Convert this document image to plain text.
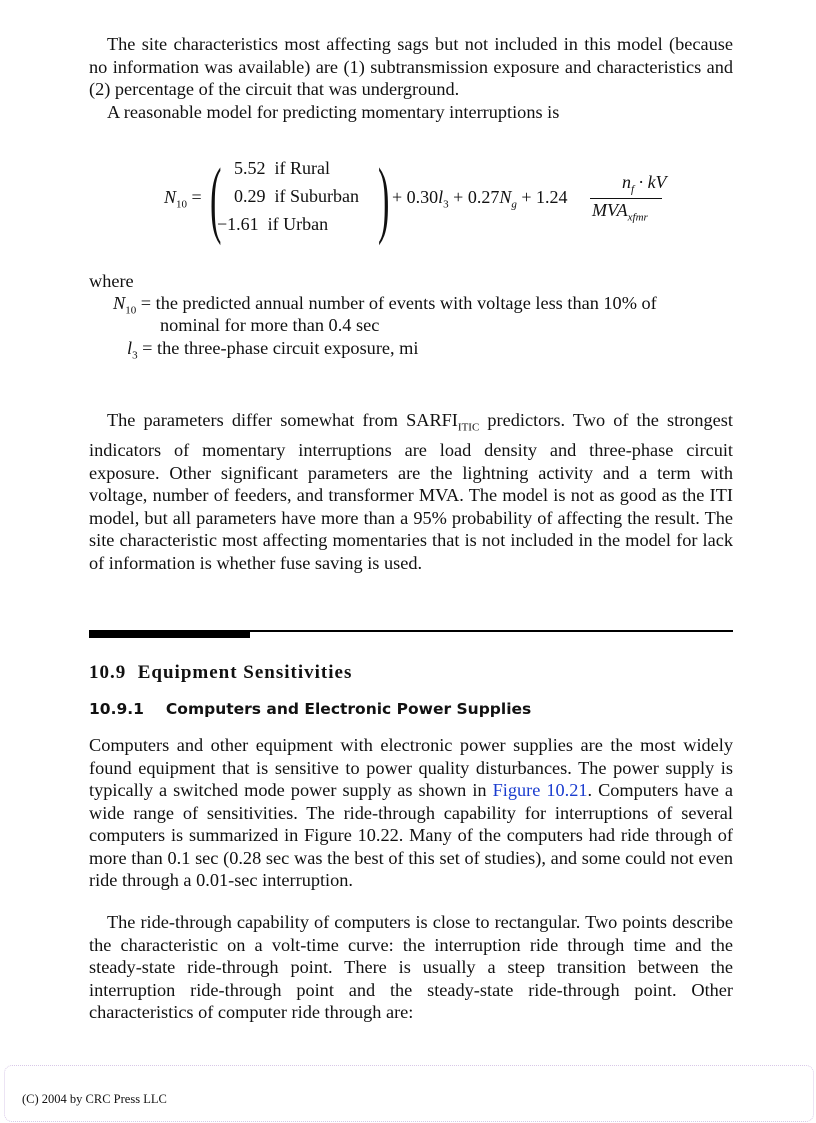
The site characteristics most affecting sags but not included in this model (because no information was available) are (1) subtransmission exposure and characteristics and (2) percentage of the circuit that was underground.

A reasonable model for predicting momentary interruptions is

$N_{10}$ = ( 5.52  if Rural
0.29  if Suburban
−1.61  if Urban ) + $0.30l_3 + 0.27N_g + 1.24$
$n_f$ · kV
$MVA_{xfmr}$
where
$N_{10}$ = the predicted annual number of events with voltage less than 10% of
nominal for more than 0.4 sec
$l_3$ = the three-phase circuit exposure, mi

The parameters differ somewhat from $SARFI_{ITIC}$ predictors. Two of the strongest indicators of momentary interruptions are load density and three-phase circuit exposure. Other significant parameters are the lightning activity and a term with voltage, number of feeders, and transformer MVA. The model is not as good as the ITI model, but all parameters have more than a 95% probability of affecting the result. The site characteristic most affecting momentaries that is not included in the model for lack of information is whether fuse saving is used.

10.9 Equipment Sensitivities
10.9.1 Computers and Electronic Power Supplies

Computers and other equipment with electronic power supplies are the most widely found equipment that is sensitive to power quality disturbances. The power supply is typically a switched mode power supply as shown in Figure 10.21. Computers have a wide range of sensitivities. The ride-through capability for interruptions of several computers is summarized in Figure 10.22. Many of the computers had ride through of more than 0.1 sec (0.28 sec was the best of this set of studies), and some could not even ride through a 0.01-sec interruption.

The ride-through capability of computers is close to rectangular. Two points describe the characteristic on a volt-time curve: the interruption ride through time and the steady-state ride-through point. There is usually a steep transition between the interruption ride-through point and the steady-state ride-through point. Other characteristics of computer ride through are:

(C) 2004 by CRC Press LLC
